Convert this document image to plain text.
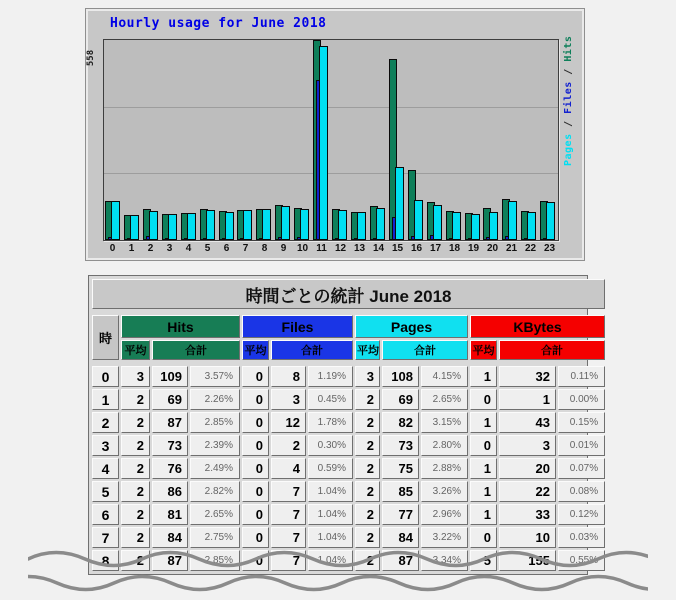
Hourly usage for June 2018
558
0	1	2	3	4	5	6	7	8	9	10 11 12 13 14 15 16 17 18 19 20 21 22 23
Pages / Files / Hits
時間ごとの統計 June 2018												

時	Hits			Files			Pages			KBytes		
	平均	合計		平均	合計		平均	合計		平均	合計	

0	3	109	3.57%	0	8	1.19%	3	108	4.15%	1	32	0.11%
1	2	69	2.26%	0	3	0.45%	2	69	2.65%	0	1	0.00%
2	2	87	2.85%	0	12	1.78%	2	82	3.15%	1	43	0.15%
3	2	73	2.39%	0	2	0.30%	2	73	2.80%	0	3	0.01%
4	2	76	2.49%	0	4	0.59%	2	75	2.88%	1	20	0.07%
5	2	86	2.82%	0	7	1.04%	2	85	3.26%	1	22	0.08%
6	2	81	2.65%	0	7	1.04%	2	77	2.96%	1	33	0.12%
7	2	84	2.75%	0	7	1.04%	2	84	3.22%	0	10	0.03%
8	2	87	2.85%	0	7	1.04%	2	87	3.34%	5	155	0.55%
